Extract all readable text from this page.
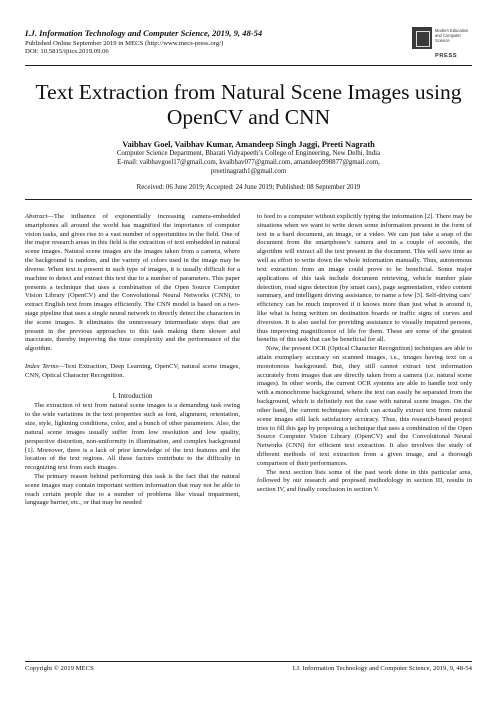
I.J. Information Technology and Computer Science, 2019, 9, 48-54
Published Online September 2019 in MECS (http://www.mecs-press.org/)
DOI: 10.5815/ijitcs.2019.09.06
Modern Education and Computer Science
PRESS
Text Extraction from Natural Scene Images using OpenCV and CNN
Vaibhav Goel, Vaibhav Kumar, Amandeep Singh Jaggi, Preeti Nagrath
Computer Science Department, Bharati Vidyapeeth’s College of Engineering, New Delhi, India
E-mail: vaibhavgoel17@gmail.com, kvaibhav077@gmail.com, amandeep998877@gmail.com,
preetinagrath1@gmail.com
Received: 06 June 2019; Accepted: 24 June 2019; Published: 08 September 2019

Abstract—The influence of exponentially increasing camera-embedded smartphones all around the world has magnified the importance of computer vision tasks, and gives rise to a vast number of opportunities in the field. One of the major research areas in this field is the extraction of text embedded in natural scene images. Natural scene images are the images taken from a camera, where the background is random, and the variety of colors used in the image may be diverse. When text is present in such type of images, it is usually difficult for a machine to detect and extract this text due to a number of parameters. This paper presents a technique that uses a combination of the Open Source Computer Vision Library (OpenCV) and the Convolutional Neural Networks (CNN), to extract English text from images efficiently. The CNN model is based on a two-stage pipeline that uses a single neural network to directly detect the characters in the scene images. It eliminates the unnecessary intermediate steps that are present in the previous approaches to this task making them slower and inaccurate, thereby improving the time complexity and the performance of the algorithm.

Index Terms—Text Extraction, Deep Learning, OpenCV, natural scene images, CNN, Optical Character Recognition.

I. Introduction

The extraction of text from natural scene images is a demanding task owing to the wide variations in the text properties such as font, alignment, orientation, size, style, lightning conditions, color, and a bunch of other parameters. Also, the natural scene images usually suffer from low resolution and low quality, perspective distortion, non-uniformity in illumination, and complex background [1]. Moreover, there is a lack of prior knowledge of the text features and the location of the text regions. All these factors contribute to the difficulty in recognizing text from such images.

The primary reason behind performing this task is the fact that the natural scene images may contain important written information that may not be able to reach certain people due to a number of problems like visual impairment, language barrier, etc., or that may be needed

to feed to a computer without explicitly typing the information [2]. There may be situations when we want to write down some information present in the form of text in a hard document, an image, or a video. We can just take a snap of the document from the smartphone’s camera and in a couple of seconds, the algorithm will extract all the text present in the document. This will save time as well as effort to write down the whole information manually. Thus, autonomous text extraction from an image could prove to be beneficial. Some major applications of this task include document retrieving, vehicle number plate detection, road signs detection (by smart cars), page segmentation, video content summary, and intelligent driving assistance, to name a few [3]. Self-driving cars’ efficiency can be much improved if it knows more than just what is around it, like what is being written on destination boards or traffic signs of curves and diversion. It is also useful for providing assistance to visually impaired persons, thus improving magnificence of life for them. These are some of the greatest benefits of this task that can be beneficial for all.

Now, the present OCR (Optical Character Recognition) techniques are able to attain exemplary accuracy on scanned images, i.e., images having text on a monotonous background. But, they still cannot extract text information accurately from images that are directly taken from a camera (i.e. natural scene images). In other words, the current OCR systems are able to handle text only with a monochrome background, where the text can easily be separated from the background, which is definitely not the case with natural scene images. On the other hand, the current techniques which can actually extract text from natural scene images still lack satisfactory accuracy. Thus, this research-based project tries to fill this gap by proposing a technique that uses a combination of the Open Source Computer Vision Library (OpenCV) and the Convolutional Neural Networks (CNN) for efficient text extraction. It also involves the study of different methods of text extraction from a given image, and a thorough comparison of their performances.

The next section lists some of the past work done in this particular area, followed by our research and proposed methodology in section III, results in section IV, and finally conclusion in section V.

Copyright © 2019 MECS	I.J. Information Technology and Computer Science, 2019, 9, 48-54
